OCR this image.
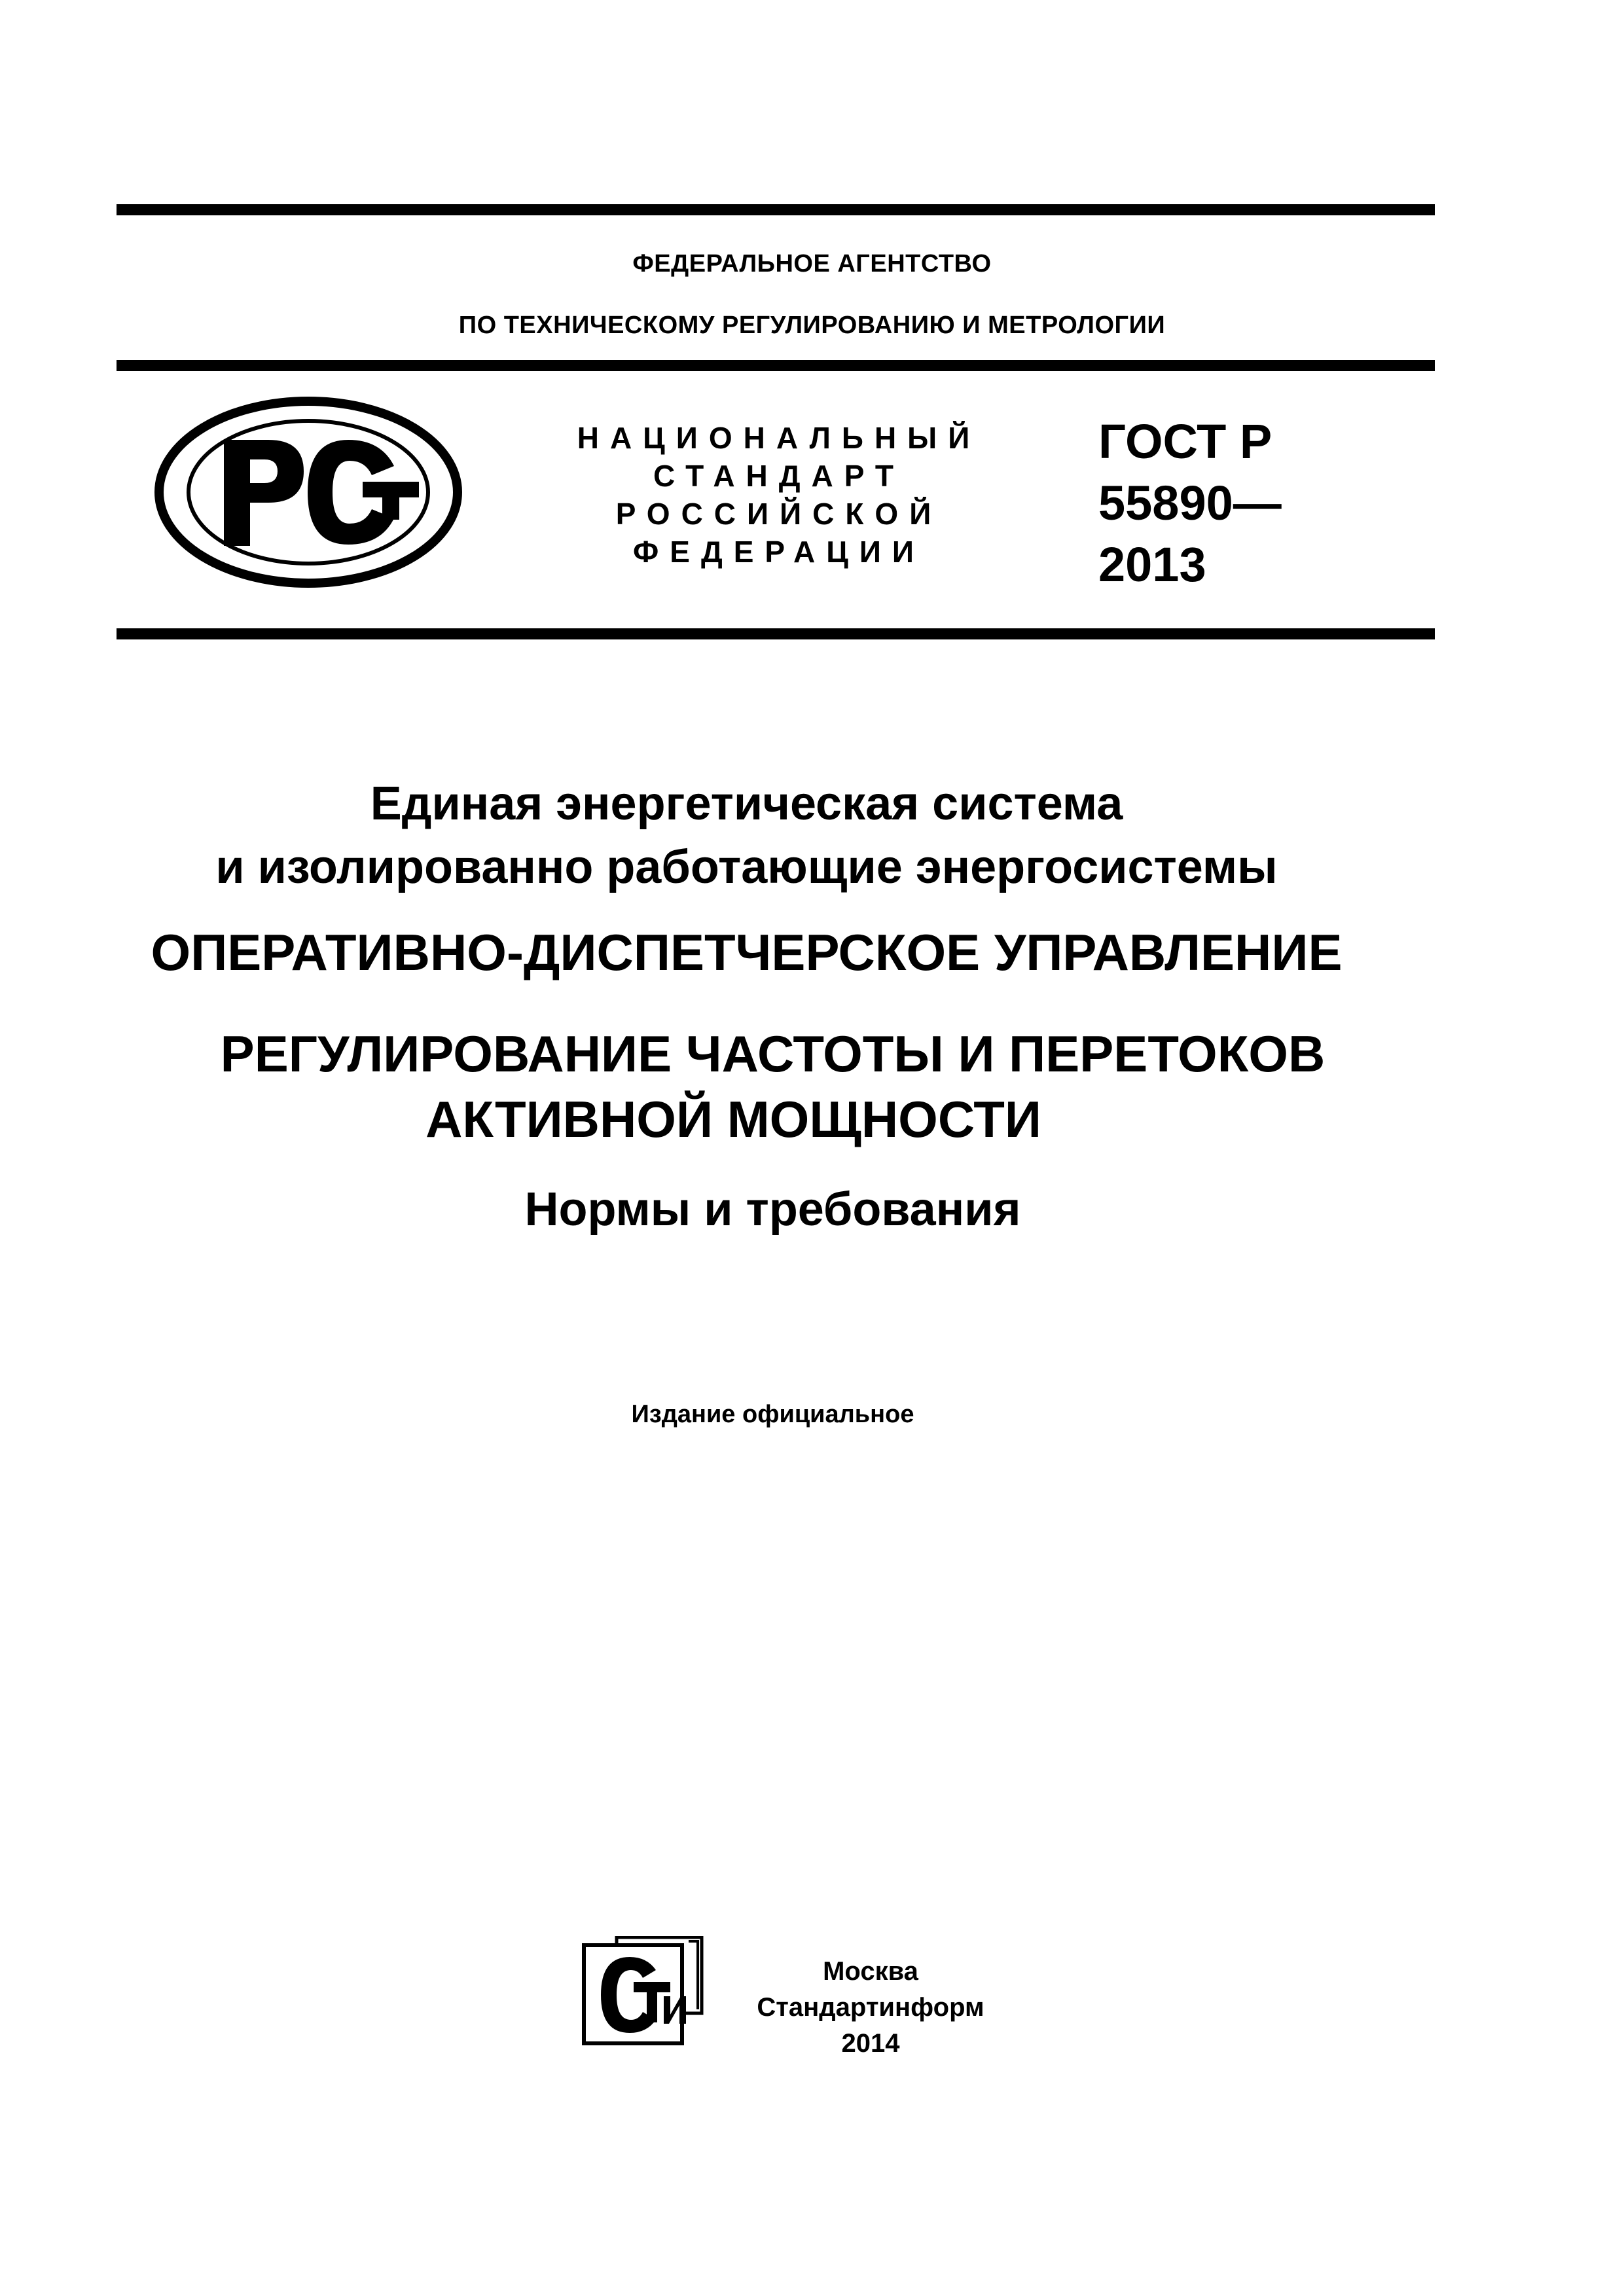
ФЕДЕРАЛЬНОЕ АГЕНТСТВО
ПО ТЕХНИЧЕСКОМУ РЕГУЛИРОВАНИЮ И МЕТРОЛОГИИ
НАЦИОНАЛЬНЫЙ
СТАНДАРТ
РОССИЙСКОЙ
ФЕДЕРАЦИИ
ГОСТ Р
55890—
2013
Единая энергетическая система
и изолированно работающие энергосистемы
ОПЕРАТИВНО-ДИСПЕТЧЕРСКОЕ УПРАВЛЕНИЕ
РЕГУЛИРОВАНИЕ ЧАСТОТЫ И ПЕРЕТОКОВ
АКТИВНОЙ МОЩНОСТИ
Нормы и требования
Издание официальное
Москва
Стандартинформ
2014
